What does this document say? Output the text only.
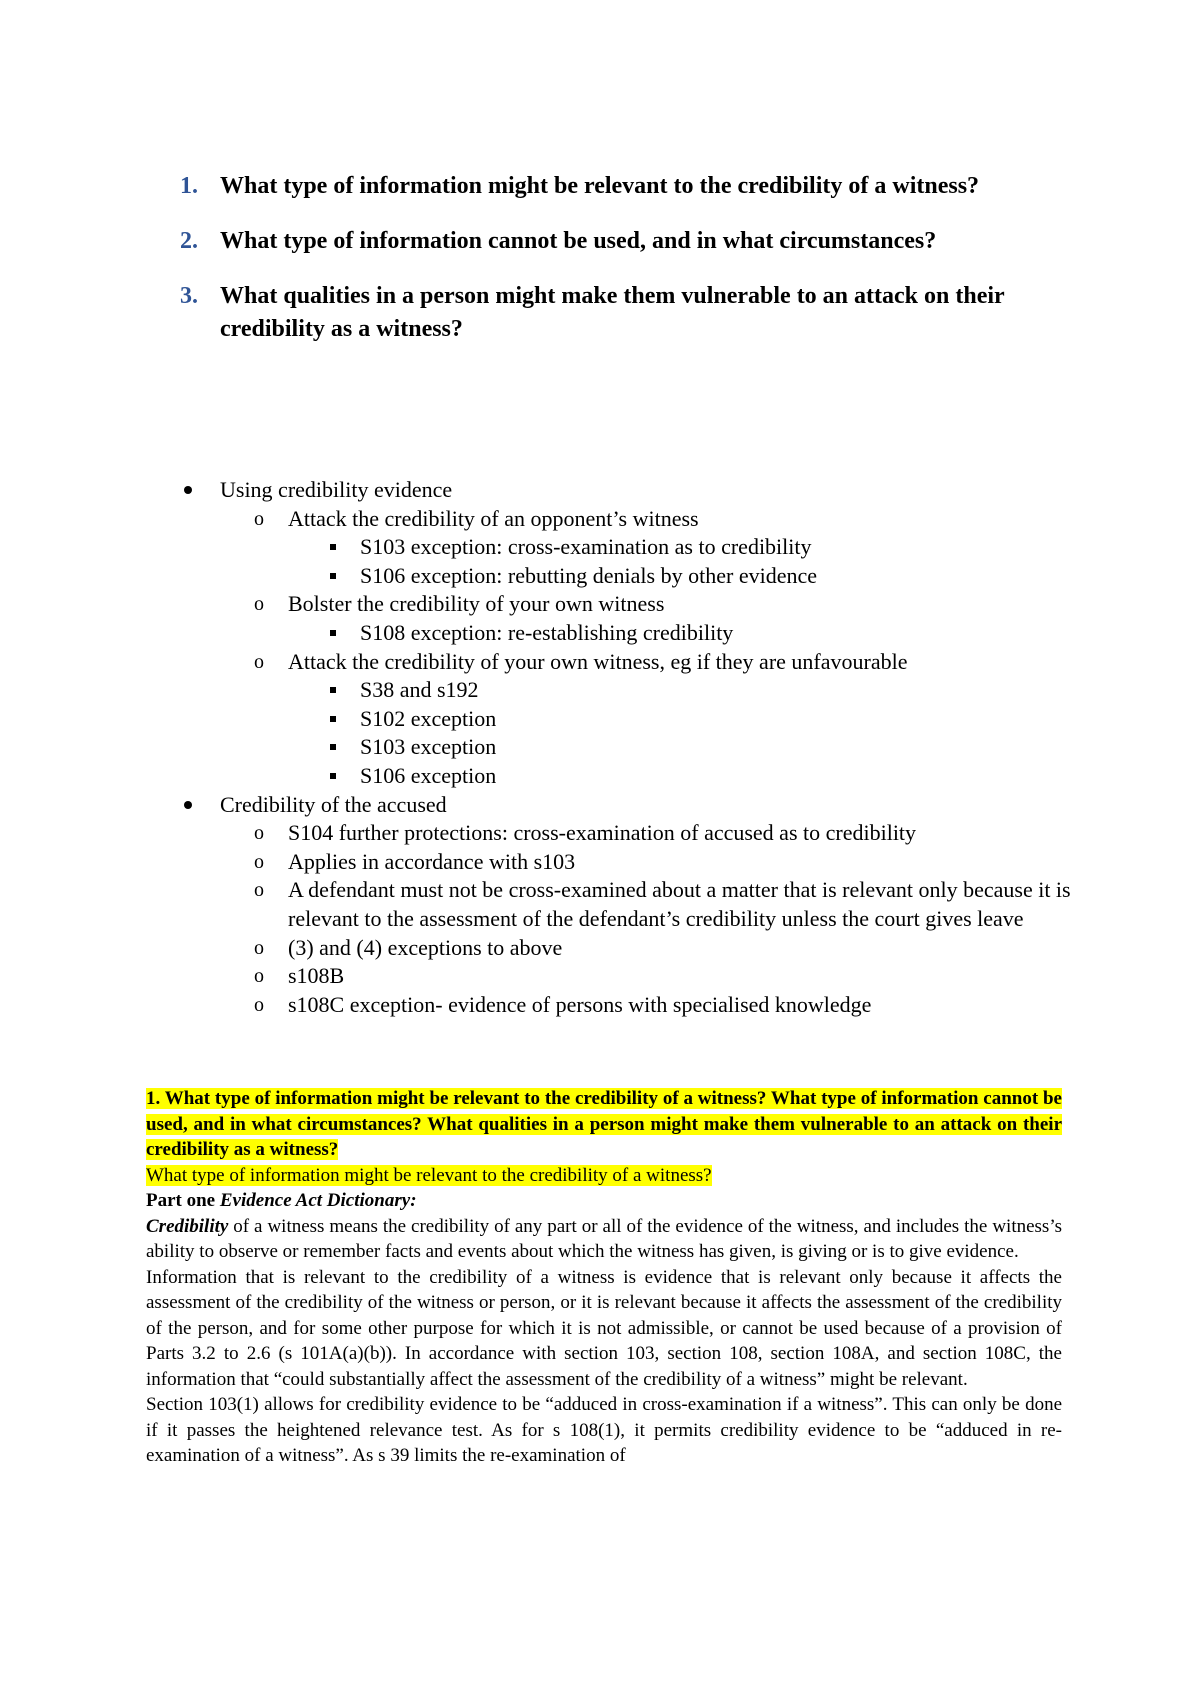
1. What type of information might be relevant to the credibility of a witness?
2. What type of information cannot be used, and in what circumstances?
3. What qualities in a person might make them vulnerable to an attack on their credibility as a witness?
Using credibility evidence
o Attack the credibility of an opponent’s witness
S103 exception: cross-examination as to credibility
S106 exception: rebutting denials by other evidence
o Bolster the credibility of your own witness
S108 exception: re-establishing credibility
o Attack the credibility of your own witness, eg if they are unfavourable
S38 and s192
S102 exception
S103 exception
S106 exception
Credibility of the accused
o S104 further protections: cross-examination of accused as to credibility
o Applies in accordance with s103
o A defendant must not be cross-examined about a matter that is relevant only because it is relevant to the assessment of the defendant’s credibility unless the court gives leave
o (3) and (4) exceptions to above
o s108B
o s108C exception- evidence of persons with specialised knowledge

1. What type of information might be relevant to the credibility of a witness? What type of information cannot be used, and in what circumstances? What qualities in a person might make them vulnerable to an attack on their credibility as a witness?

What type of information might be relevant to the credibility of a witness?

Part one Evidence Act Dictionary:

Credibility of a witness means the credibility of any part or all of the evidence of the witness, and includes the witness’s ability to observe or remember facts and events about which the witness has given, is giving or is to give evidence.

Information that is relevant to the credibility of a witness is evidence that is relevant only because it affects the assessment of the credibility of the witness or person, or it is relevant because it affects the assessment of the credibility of the person, and for some other purpose for which it is not admissible, or cannot be used because of a provision of Parts 3.2 to 2.6 (s 101A(a)(b)). In accordance with section 103, section 108, section 108A, and section 108C, the information that “could substantially affect the assessment of the credibility of a witness” might be relevant.

Section 103(1) allows for credibility evidence to be “adduced in cross-examination if a witness”. This can only be done if it passes the heightened relevance test. As for s 108(1), it permits credibility evidence to be “adduced in re-examination of a witness”. As s 39 limits the re-examination of
